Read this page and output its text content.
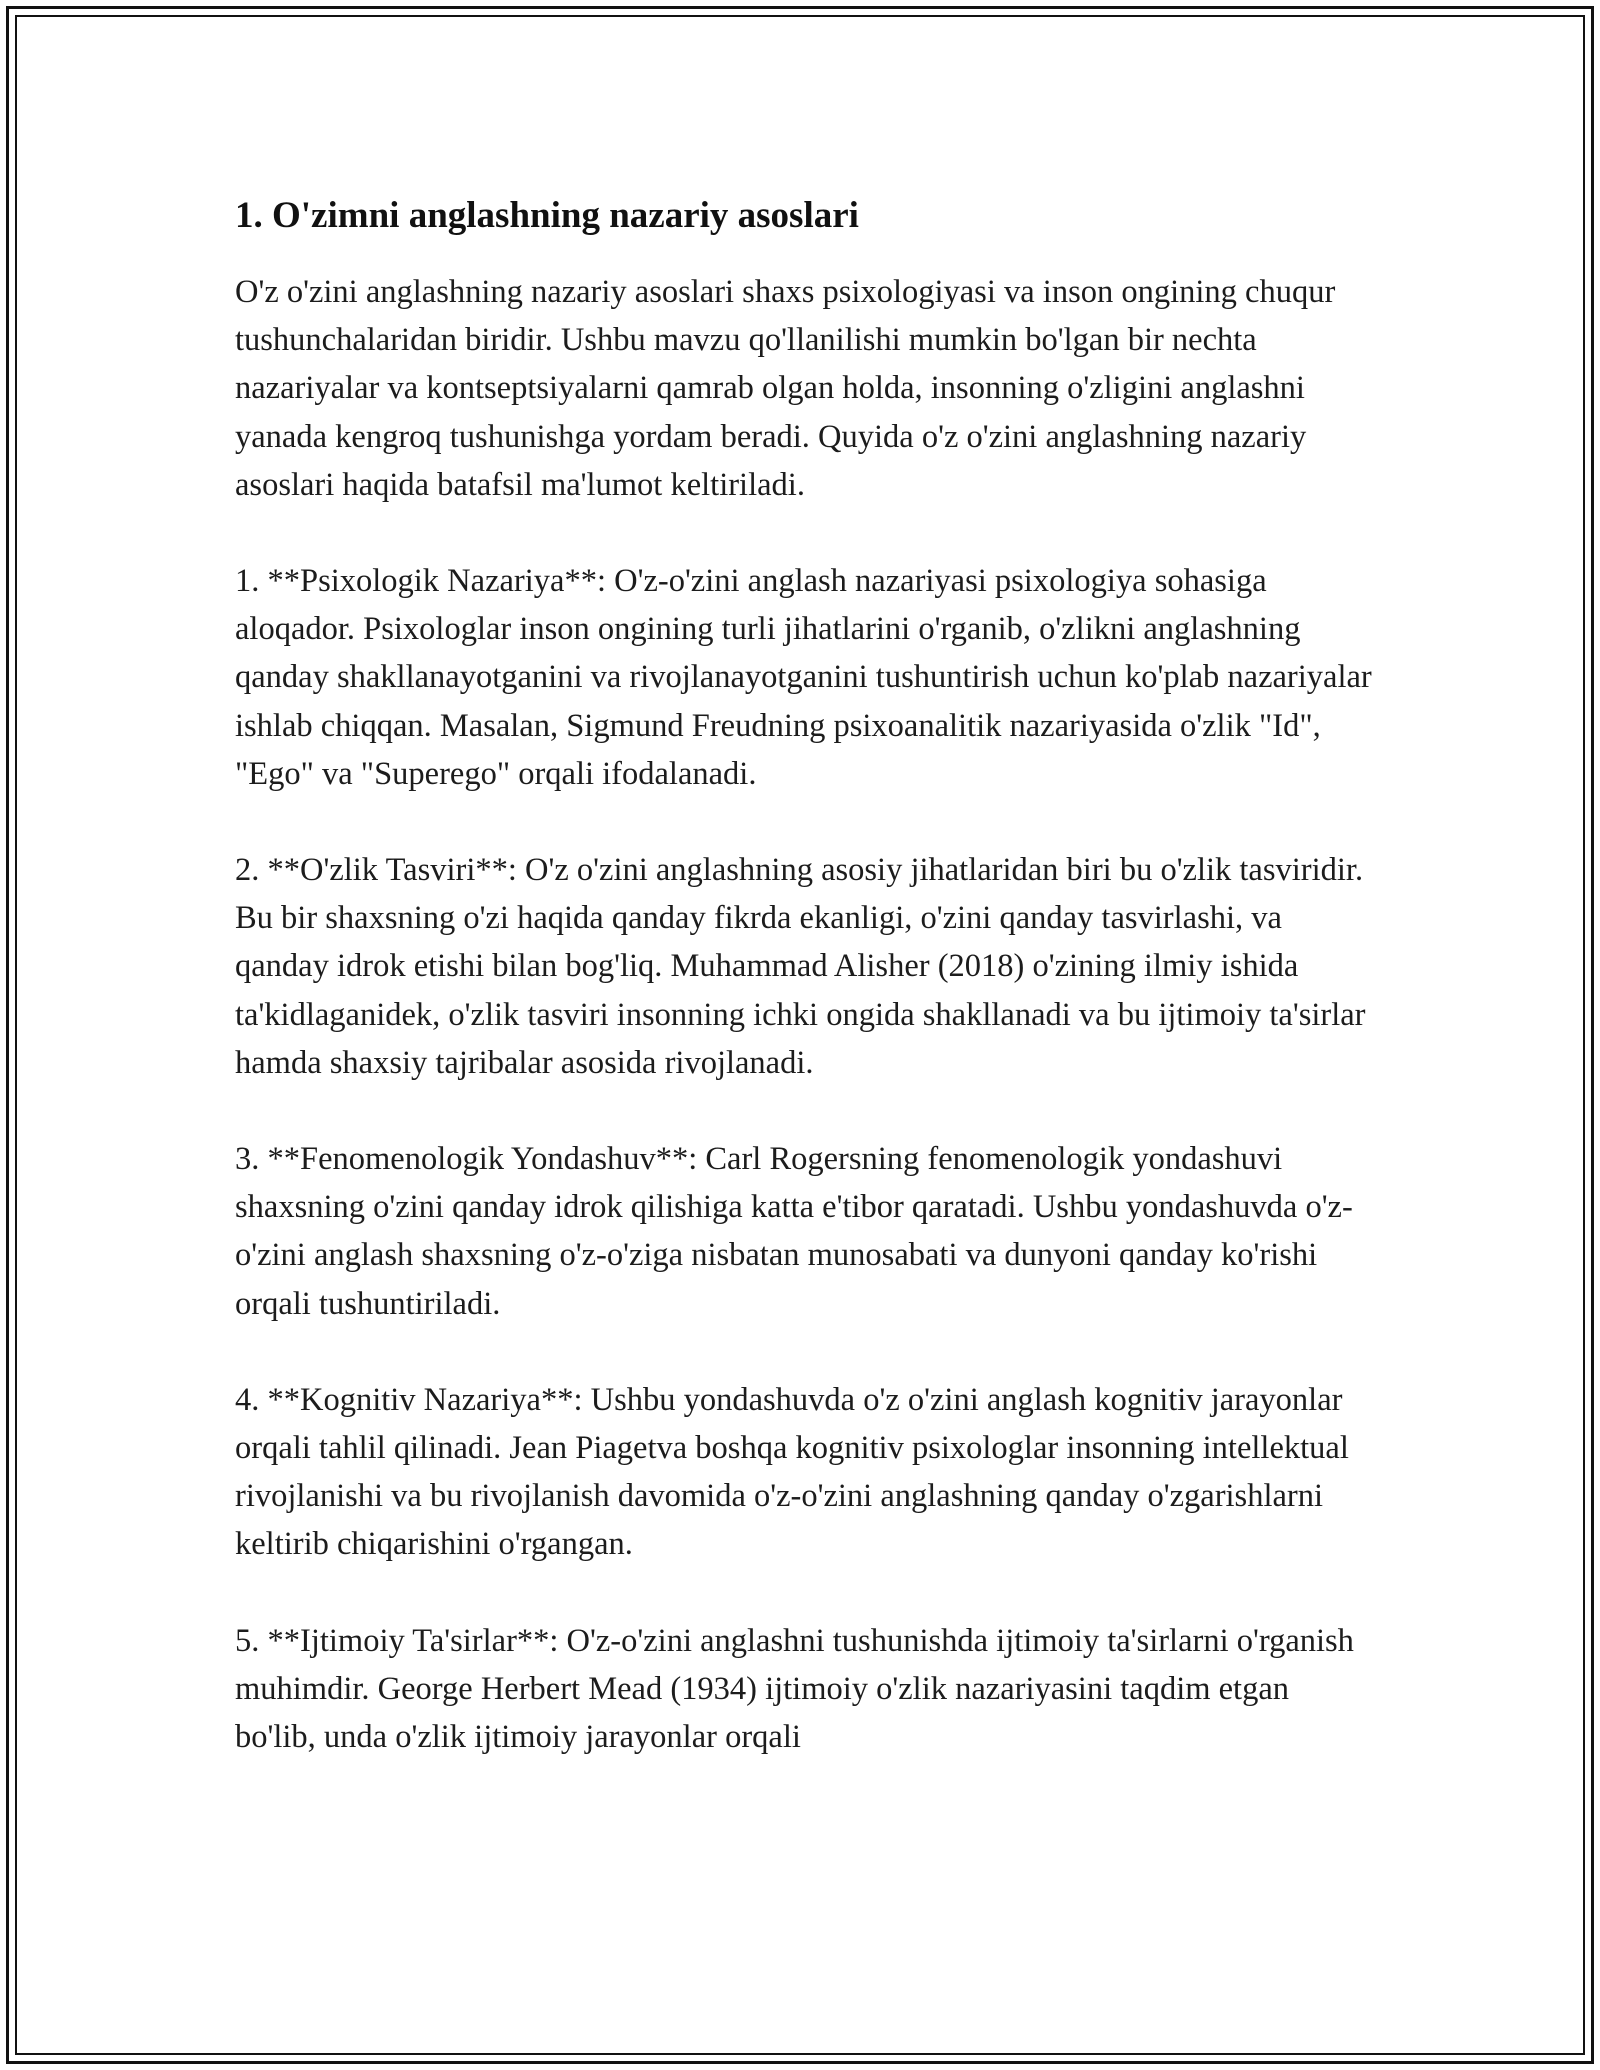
1. O'zimni anglashning nazariy asoslari

O'z o'zini anglashning nazariy asoslari shaxs psixologiyasi va inson ongining chuqur tushunchalaridan biridir. Ushbu mavzu qo'llanilishi mumkin bo'lgan bir nechta nazariyalar va kontseptsiyalarni qamrab olgan holda, insonning o'zligini anglashni yanada kengroq tushunishga yordam beradi. Quyida o'z o'zini anglashning nazariy asoslari haqida batafsil ma'lumot keltiriladi.

1. **Psixologik Nazariya**: O'z-o'zini anglash nazariyasi psixologiya sohasiga aloqador. Psixologlar inson ongining turli jihatlarini o'rganib, o'zlikni anglashning qanday shakllanayotganini va rivojlanayotganini tushuntirish uchun ko'plab nazariyalar ishlab chiqqan. Masalan, Sigmund Freudning psixoanalitik nazariyasida o'zlik "Id", "Ego" va "Superego" orqali ifodalanadi.

2. **O'zlik Tasviri**: O'z o'zini anglashning asosiy jihatlaridan biri bu o'zlik tasviridir. Bu bir shaxsning o'zi haqida qanday fikrda ekanligi, o'zini qanday tasvirlashi, va qanday idrok etishi bilan bog'liq. Muhammad Alisher (2018) o'zining ilmiy ishida ta'kidlaganidek, o'zlik tasviri insonning ichki ongida shakllanadi va bu ijtimoiy ta'sirlar hamda shaxsiy tajribalar asosida rivojlanadi.

3. **Fenomenologik Yondashuv**: Carl Rogersning fenomenologik yondashuvi shaxsning o'zini qanday idrok qilishiga katta e'tibor qaratadi. Ushbu yondashuvda o'z-o'zini anglash shaxsning o'z-o'ziga nisbatan munosabati va dunyoni qanday ko'rishi orqali tushuntiriladi.

4. **Kognitiv Nazariya**: Ushbu yondashuvda o'z o'zini anglash kognitiv jarayonlar orqali tahlil qilinadi. Jean Piagetva boshqa kognitiv psixologlar insonning intellektual rivojlanishi va bu rivojlanish davomida o'z-o'zini anglashning qanday o'zgarishlarni keltirib chiqarishini o'rgangan.

5. **Ijtimoiy Ta'sirlar**: O'z-o'zini anglashni tushunishda ijtimoiy ta'sirlarni o'rganish muhimdir. George Herbert Mead (1934) ijtimoiy o'zlik nazariyasini taqdim etgan bo'lib, unda o'zlik ijtimoiy jarayonlar orqali
